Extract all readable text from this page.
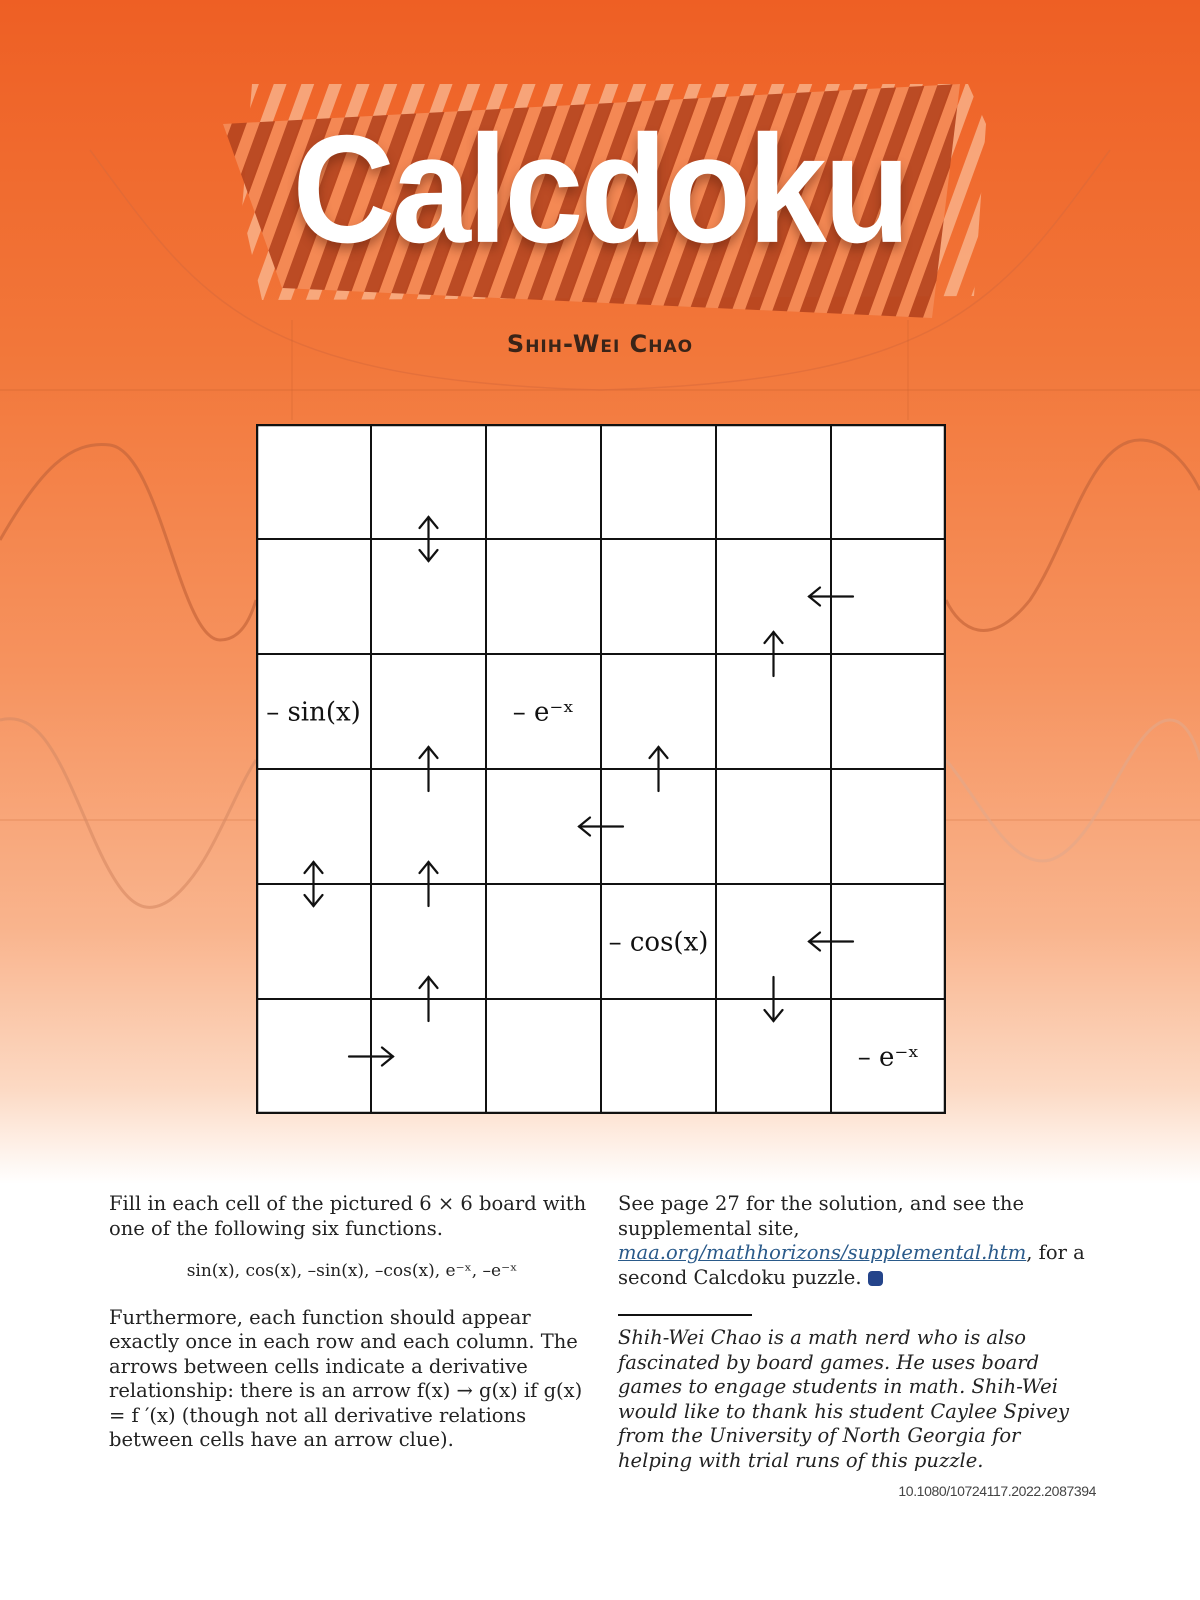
Calcdoku
Shih-Wei Chao
– sin(x)	– e⁻ˣ
– cos(x)
– e⁻ˣ

Fill in each cell of the pictured 6 × 6 board with one of the following six functions.

sin(x), cos(x), –sin(x), –cos(x), e⁻ˣ, –e⁻ˣ

Furthermore, each function should appear exactly once in each row and each column. The arrows between cells indicate a derivative relationship: there is an arrow f(x) → g(x) if g(x) = f ′(x) (though not all derivative relations between cells have an arrow clue).

See page 27 for the solution, and see the supplemental site, maa.org/mathhorizons/supplemental.htm, for a second Calcdoku puzzle.

Shih-Wei Chao is a math nerd who is also fascinated by board games. He uses board games to engage students in math. Shih-Wei would like to thank his student Caylee Spivey from the University of North Georgia for helping with trial runs of this puzzle.

10.1080/10724117.2022.2087394
